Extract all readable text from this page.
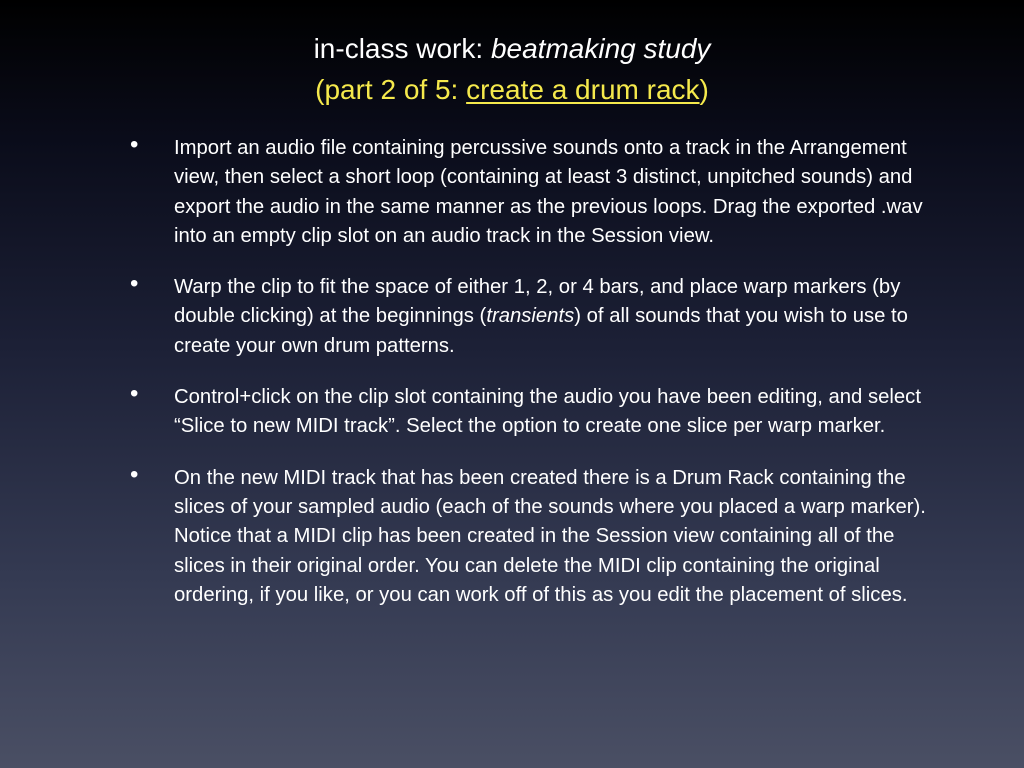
in-class work: beatmaking study
(part 2 of 5: create a drum rack)
• Import an audio file containing percussive sounds onto a track in the Arrangement view, then select a short loop (containing at least 3 distinct, unpitched sounds) and export the audio in the same manner as the previous loops. Drag the exported .wav into an empty clip slot on an audio track in the Session view.
• Warp the clip to fit the space of either 1, 2, or 4 bars, and place warp markers (by double clicking) at the beginnings (transients) of all sounds that you wish to use to create your own drum patterns.
• Control+click on the clip slot containing the audio you have been editing, and select “Slice to new MIDI track”. Select the option to create one slice per warp marker.
• On the new MIDI track that has been created there is a Drum Rack containing the slices of your sampled audio (each of the sounds where you placed a warp marker). Notice that a MIDI clip has been created in the Session view containing all of the slices in their original order. You can delete the MIDI clip containing the original ordering, if you like, or you can work off of this as you edit the placement of slices.
